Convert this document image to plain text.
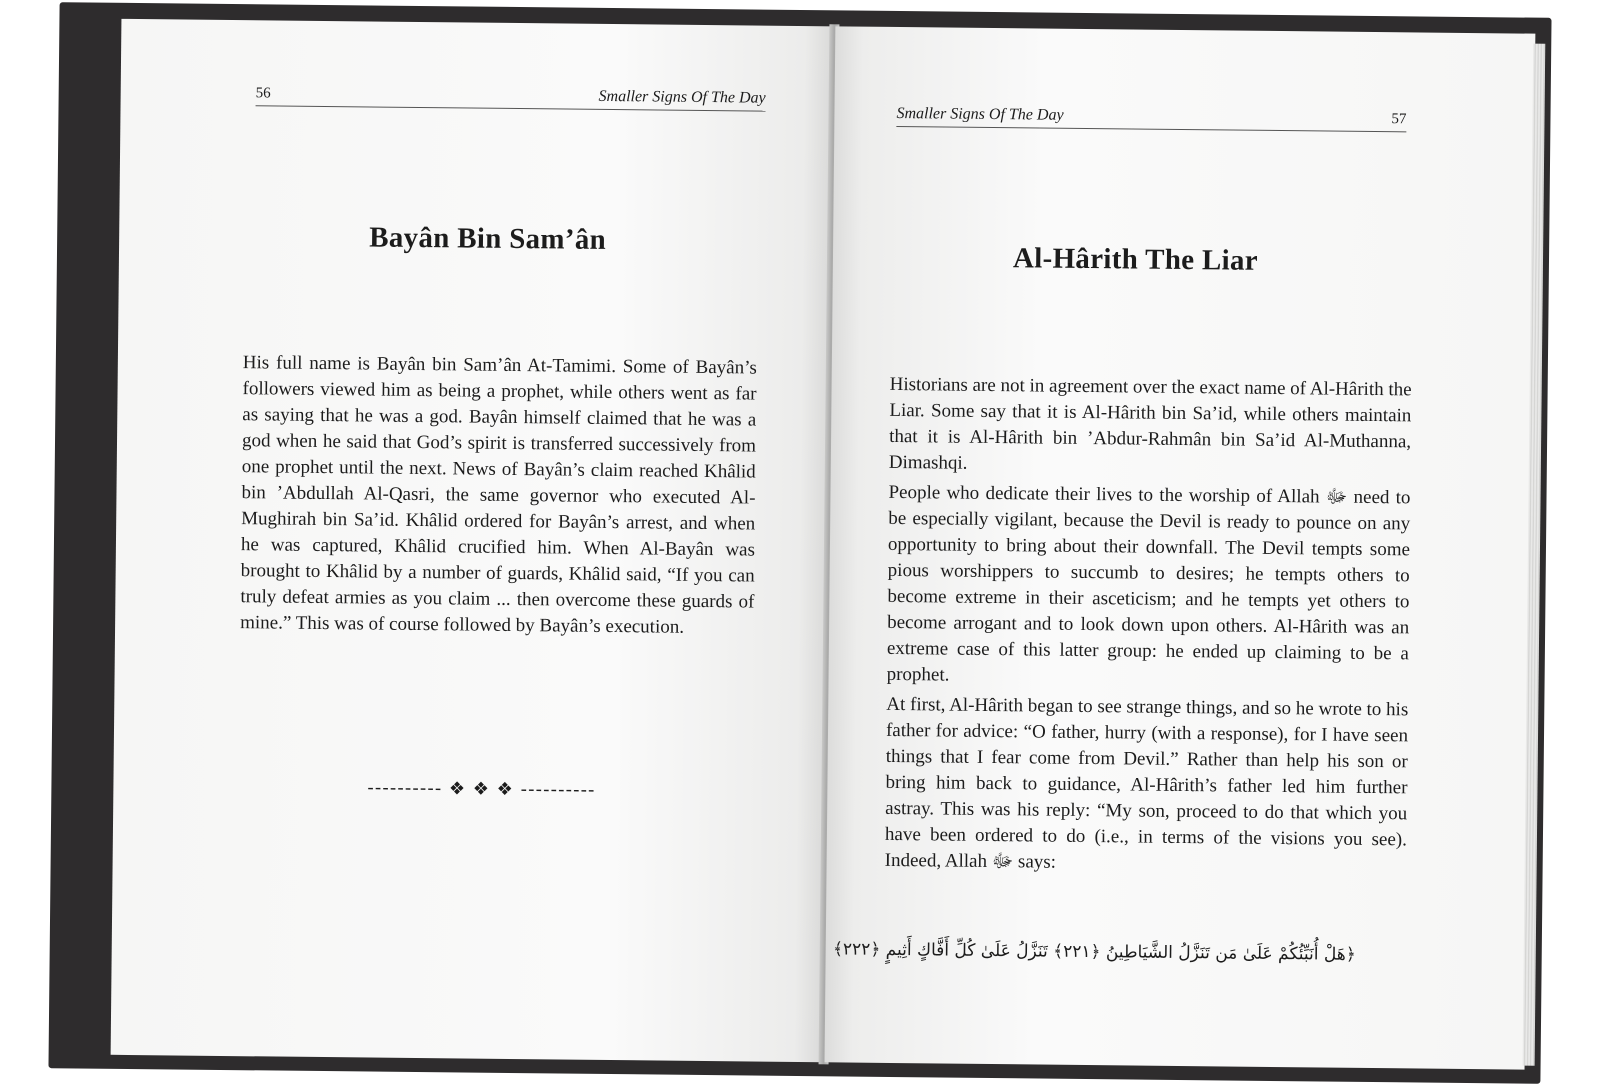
56	Smaller Signs Of The Day
Bayân Bin Sam’ân

His full name is Bayân bin Sam’ân At-Tamimi. Some of Bayân’s followers viewed him as being a prophet, while others went as far as saying that he was a god. Bayân himself claimed that he was a god when he said that God’s spirit is transferred successively from one prophet until the next. News of Bayân’s claim reached Khâlid bin ’Abdullah Al-Qasri, the same governor who executed Al-Mughirah bin Sa’id. Khâlid ordered for Bayân’s arrest, and when he was captured, Khâlid crucified him. When Al-Bayân was brought to Khâlid by a number of guards, Khâlid said, “If you can truly defeat armies as you claim ... then overcome these guards of mine.” This was of course followed by Bayân’s execution.

---------- ❖ ❖ ❖ ----------
Smaller Signs Of The Day	57
Al-Hârith The Liar

Historians are not in agreement over the exact name of Al-Hârith the Liar. Some say that it is Al-Hârith bin Sa’id, while others maintain that it is Al-Hârith bin ’Abdur-Rahmân bin Sa’id Al-Muthanna, Dimashqi.

People who dedicate their lives to the worship of Allah ﷻ need to be especially vigilant, because the Devil is ready to pounce on any opportunity to bring about their downfall. The Devil tempts some pious worshippers to succumb to desires; he tempts others to become extreme in their asceticism; and he tempts yet others to become arrogant and to look down upon others. Al-Hârith was an extreme case of this latter group: he ended up claiming to be a prophet.

At first, Al-Hârith began to see strange things, and so he wrote to his father for advice: “O father, hurry (with a response), for I have seen things that I fear come from Devil.” Rather than help his son or bring him back to guidance, Al-Hârith’s father led him further astray. This was his reply: “My son, proceed to do that which you have been ordered to do (i.e., in terms of the visions you see). Indeed, Allah ﷻ says:

﴿هَلْ أُنَبِّئُكُمْ عَلَىٰ مَن تَنَزَّلُ الشَّيَاطِينُ ﴿٢٢١﴾ تَنَزَّلُ عَلَىٰ كُلِّ أَفَّاكٍ أَثِيمٍ ﴿٢٢٢﴾
